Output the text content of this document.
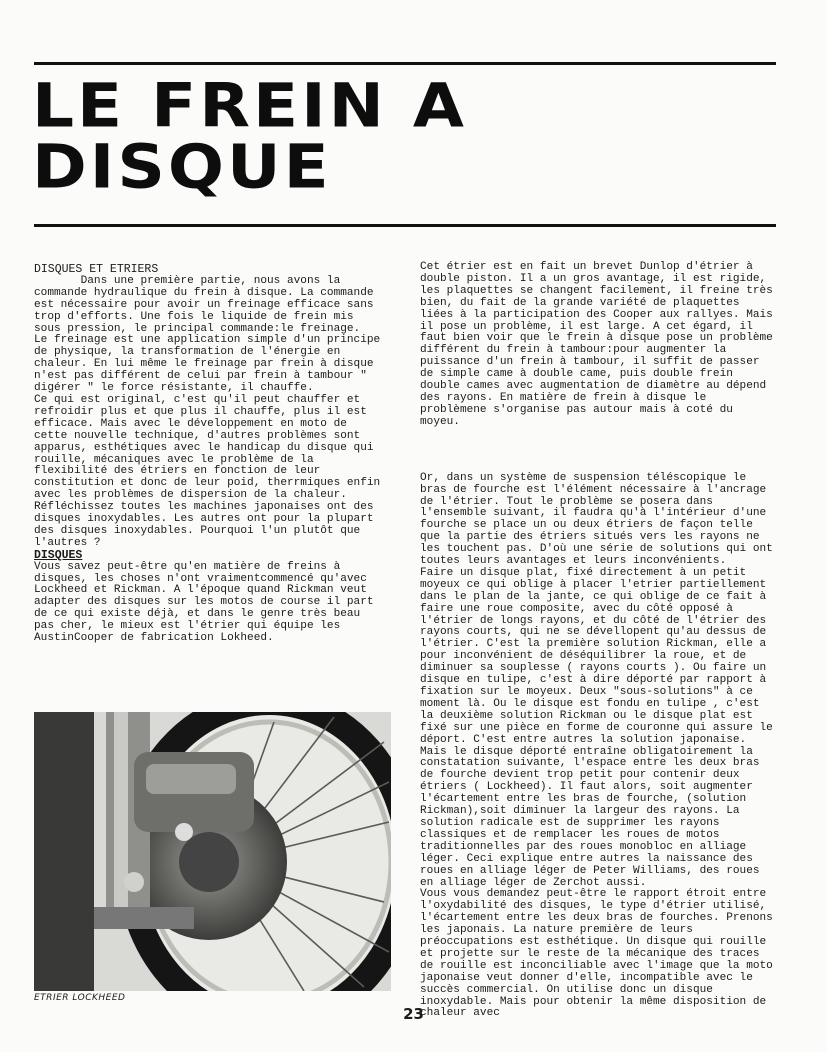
LE FREIN A
DISQUE

DISQUES ET ETRIERS

Dans une première partie, nous avons la commande hydraulique du frein à disque. La commande est nécessaire pour avoir un freinage efficace sans trop d'efforts. Une fois le liquide de frein mis sous pression, le principal commande:le freinage.

Le freinage est une application simple d'un principe de physique, la transformation de l'énergie en chaleur. En lui même le freinage par frein à disque n'est pas différent de celui par frein à tambour " digérer " le force résistante, il chauffe.

Ce qui est original, c'est qu'il peut chauffer et refroidir plus et que plus il chauffe, plus il est efficace. Mais avec le développement en moto de cette nouvelle technique, d'autres problèmes sont apparus, esthétiques avec le handicap du disque qui rouille, mécaniques avec le problème de la flexibilité des étriers en fonction de leur constitution et donc de leur poid, therrmiques enfin avec les problèmes de dispersion de la chaleur. Réfléchissez toutes les machines japonaises ont des disques inoxydables. Les autres ont pour la plupart des disques inoxydables. Pourquoi l'un plutôt que l'autres ?

DISQUES

Vous savez peut-être qu'en matière de freins à disques, les choses n'ont vraimentcommencé qu'avec Lockheed et Rickman. A l'époque quand Rickman veut adapter des disques sur les motos de course il part de ce qui existe déjà, et dans le genre très beau pas cher, le mieux est l'étrier qui équipe les AustinCooper de fabrication Lokheed.

ETRIER LOCKHEED

Cet étrier est en fait un brevet Dunlop d'étrier à double piston. Il a un gros avantage, il est rigide, les plaquettes se changent facilement, il freine très bien, du fait de la grande variété de plaquettes liées à la participation des Cooper aux rallyes. Mais il pose un problème, il est large. A cet égard, il faut bien voir que le frein à disque pose un problème différent du frein à tambour:pour augmenter la puissance d'un frein à tambour, il suffit de passer de simple came à double came, puis double frein double cames avec augmentation de diamètre au dépend des rayons. En matière de frein à disque le problèmene s'organise pas autour mais à coté du moyeu.

Or, dans un système de suspension téléscopique le bras de fourche est l'élément nécessaire à l'ancrage de l'étrier. Tout le problème se posera dans l'ensemble suivant, il faudra qu'à l'intérieur d'une fourche se place un ou deux étriers de façon telle que la partie des étriers situés vers les rayons ne les touchent pas. D'où une série de solutions qui ont toutes leurs avantages et leurs inconvénients.

Faire un disque plat, fixé directement à un petit moyeux ce qui oblige à placer l'etrier partiellement dans le plan de la jante, ce qui oblige de ce fait à faire une roue composite, avec du côté opposé à l'étrier de longs rayons, et du côté de l'étrier des rayons courts, qui ne se dévellopent qu'au dessus de l'étrier. C'est la première solution Rickman, elle a pour inconvénient de déséquilibrer la roue, et de diminuer sa souplesse ( rayons courts ). Ou faire un disque en tulipe, c'est à dire déporté par rapport à fixation sur le moyeux. Deux "sous-solutions" à ce moment là. Ou le disque est fondu en tulipe , c'est la deuxième solution Rickman ou le disque plat est fixé sur une pièce en forme de couronne qui assure le déport. C'est entre autres la solution japonaise. Mais le disque déporté entraîne obligatoirement la constatation suivante, l'espace entre les deux bras de fourche devient trop petit pour contenir deux étriers ( Lockheed). Il faut alors, soit augmenter l'écartement entre les bras de fourche, (solution Rickman),soit diminuer la largeur des rayons. La solution radicale est de supprimer les rayons classiques et de remplacer les roues de motos traditionnelles par des roues monobloc en alliage léger. Ceci explique entre autres la naissance des roues en alliage léger de Peter Williams, des roues en alliage léger de Zerchot aussi.

Vous vous demandez peut-être le rapport étroit entre l'oxydabilité des disques, le type d'étrier utilisé, l'écartement entre les deux bras de fourches. Prenons les japonais. La nature première de leurs préoccupations est esthétique. Un disque qui rouille et projette sur le reste de la mécanique des traces de rouille est inconciliable avec l'image que la moto japonaise veut donner d'elle, incompatible avec le succès commercial. On utilise donc un disque inoxydable. Mais pour obtenir la même disposition de chaleur avec

23
